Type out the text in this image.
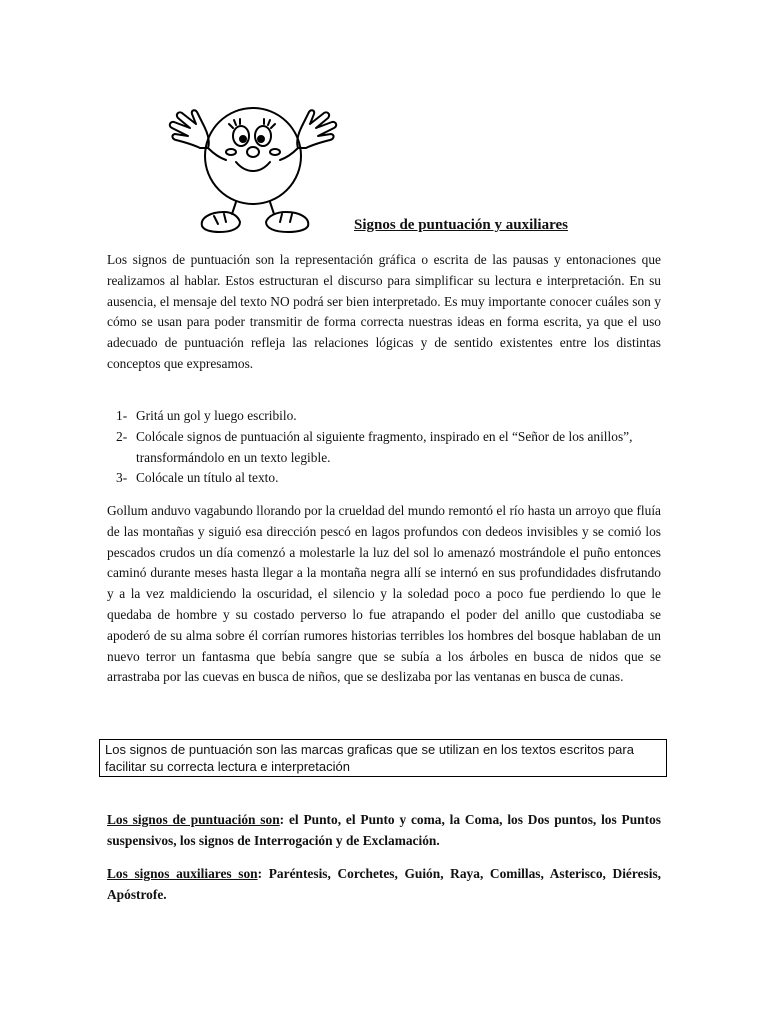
Signos de puntuación y auxiliares

Los signos de puntuación son la representación gráfica o escrita de las pausas y entonaciones que realizamos al hablar. Estos estructuran el discurso para simplificar su lectura e interpretación. En su ausencia, el mensaje del texto NO podrá ser bien interpretado. Es muy importante conocer cuáles son y cómo se usan para poder transmitir de forma correcta nuestras ideas en forma escrita, ya que el uso adecuado de puntuación refleja las relaciones lógicas y de sentido existentes entre los distintas conceptos que expresamos.

1- Gritá un gol y luego escribilo.
2- Colócale signos de puntuación al siguiente fragmento, inspirado en el “Señor de los anillos”, transformándolo en un texto legible.
3- Colócale un título al texto.

Gollum anduvo vagabundo llorando por la crueldad del mundo remontó el río hasta un arroyo que fluía de las montañas y siguió esa dirección pescó en lagos profundos con dedeos invisibles y se comió los pescados crudos un día comenzó a molestarle la luz del sol lo amenazó mostrándole el puño entonces caminó durante meses hasta llegar a la montaña negra allí se internó en sus profundidades disfrutando y a la vez maldiciendo la oscuridad, el silencio y la soledad poco a poco fue perdiendo lo que le quedaba de hombre y su costado perverso lo fue atrapando el poder del anillo que custodiaba se apoderó de su alma sobre él corrían rumores historias terribles los hombres del bosque hablaban de un nuevo terror un fantasma que bebía sangre que se subía a los árboles en busca de nidos que se arrastraba por las cuevas en busca de niños, que se deslizaba por las ventanas en busca de cunas.

Los signos de puntuación son las marcas graficas que se utilizan en los textos escritos para facilitar su correcta lectura e interpretación

Los signos de puntuación son: el Punto, el Punto y coma, la Coma, los Dos puntos, los Puntos suspensivos, los signos de Interrogación y de Exclamación.

Los signos auxiliares son: Paréntesis, Corchetes, Guión, Raya, Comillas, Asterisco, Diéresis, Apóstrofe.
